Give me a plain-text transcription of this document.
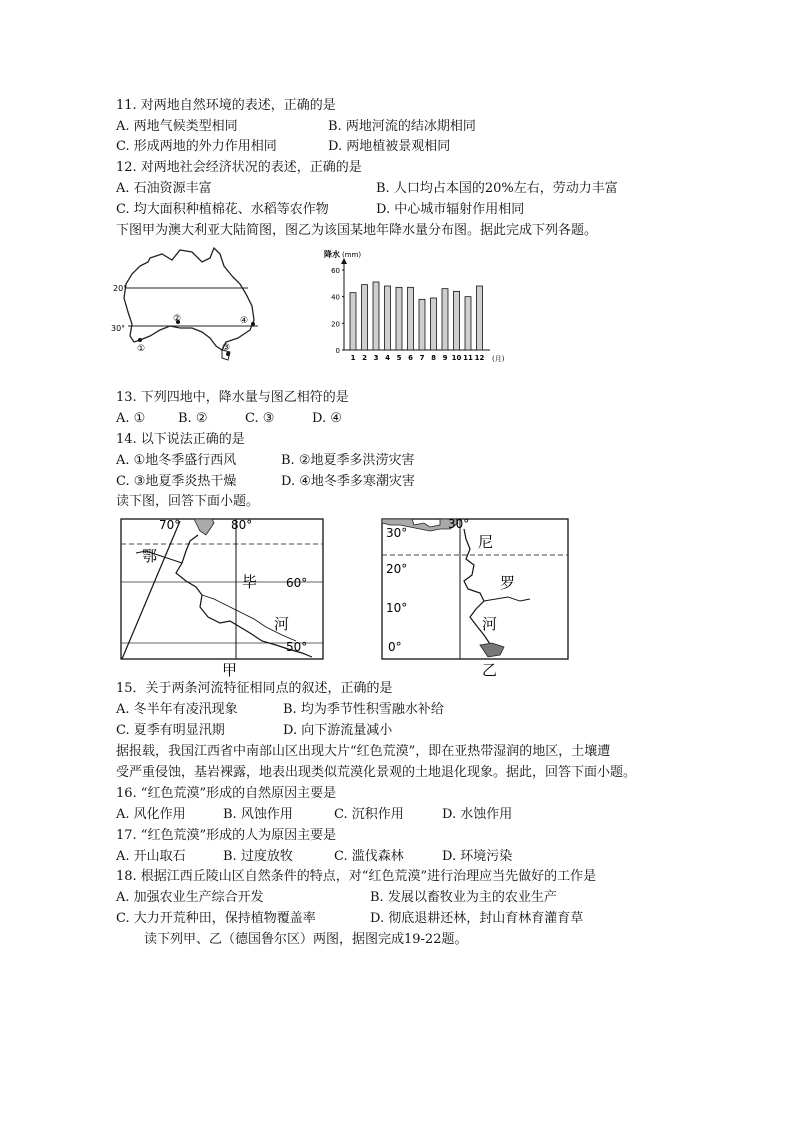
11. 对两地自然环境的表述，正确的是
A. 两地气候类型相同	B. 两地河流的结冰期相同
C. 形成两地的外力作用相同	D. 两地植被景观相同
12. 对两地社会经济状况的表述，正确的是
A. 石油资源丰富	B. 人口均占本国的20%左右，劳动力丰富
C. 均大面积种植棉花、水稻等农作物	D. 中心城市辐射作用相同
下图甲为澳大利亚大陆简图，图乙为该国某地年降水量分布图。据此完成下列各题。
20°
30°
①
②
③
④
降水 (mm)
0
20
40
60
1 2 3 4 5 6 7 8 9 10 11 12 (月)
13. 下列四地中，降水量与图乙相符的是
A. ①	B. ②	C. ③	D. ④
14. 以下说法正确的是
A. ①地冬季盛行西风	B. ②地夏季多洪涝灾害
C. ③地夏季炎热干燥	D. ④地冬季多寒潮灾害
读下图，回答下面小题。
70°	80°
60°
50°
鄂
毕
河
甲
30°
30°
20°
10°
0°
尼
罗
河
乙
15．关于两条河流特征相同点的叙述，正确的是
A. 冬半年有凌汛现象	B. 均为季节性积雪融水补给
C. 夏季有明显汛期	D. 向下游流量减小
据报载，我国江西省中南部山区出现大片“红色荒漠”，即在亚热带湿润的地区，土壤遭
受严重侵蚀，基岩裸露，地表出现类似荒漠化景观的土地退化现象。据此，回答下面小题。
16. “红色荒漠”形成的自然原因主要是
A. 风化作用	B. 风蚀作用	C. 沉积作用	D. 水蚀作用
17. “红色荒漠”形成的人为原因主要是
A. 开山取石	B. 过度放牧	C. 滥伐森林	D. 环境污染
18. 根据江西丘陵山区自然条件的特点，对“红色荒漠”进行治理应当先做好的工作是
A. 加强农业生产综合开发	B. 发展以畜牧业为主的农业生产
C. 大力开荒种田，保持植物覆盖率	D. 彻底退耕还林，封山育林育灌育草
读下列甲、乙（德国鲁尔区）两图，据图完成19-22题。
